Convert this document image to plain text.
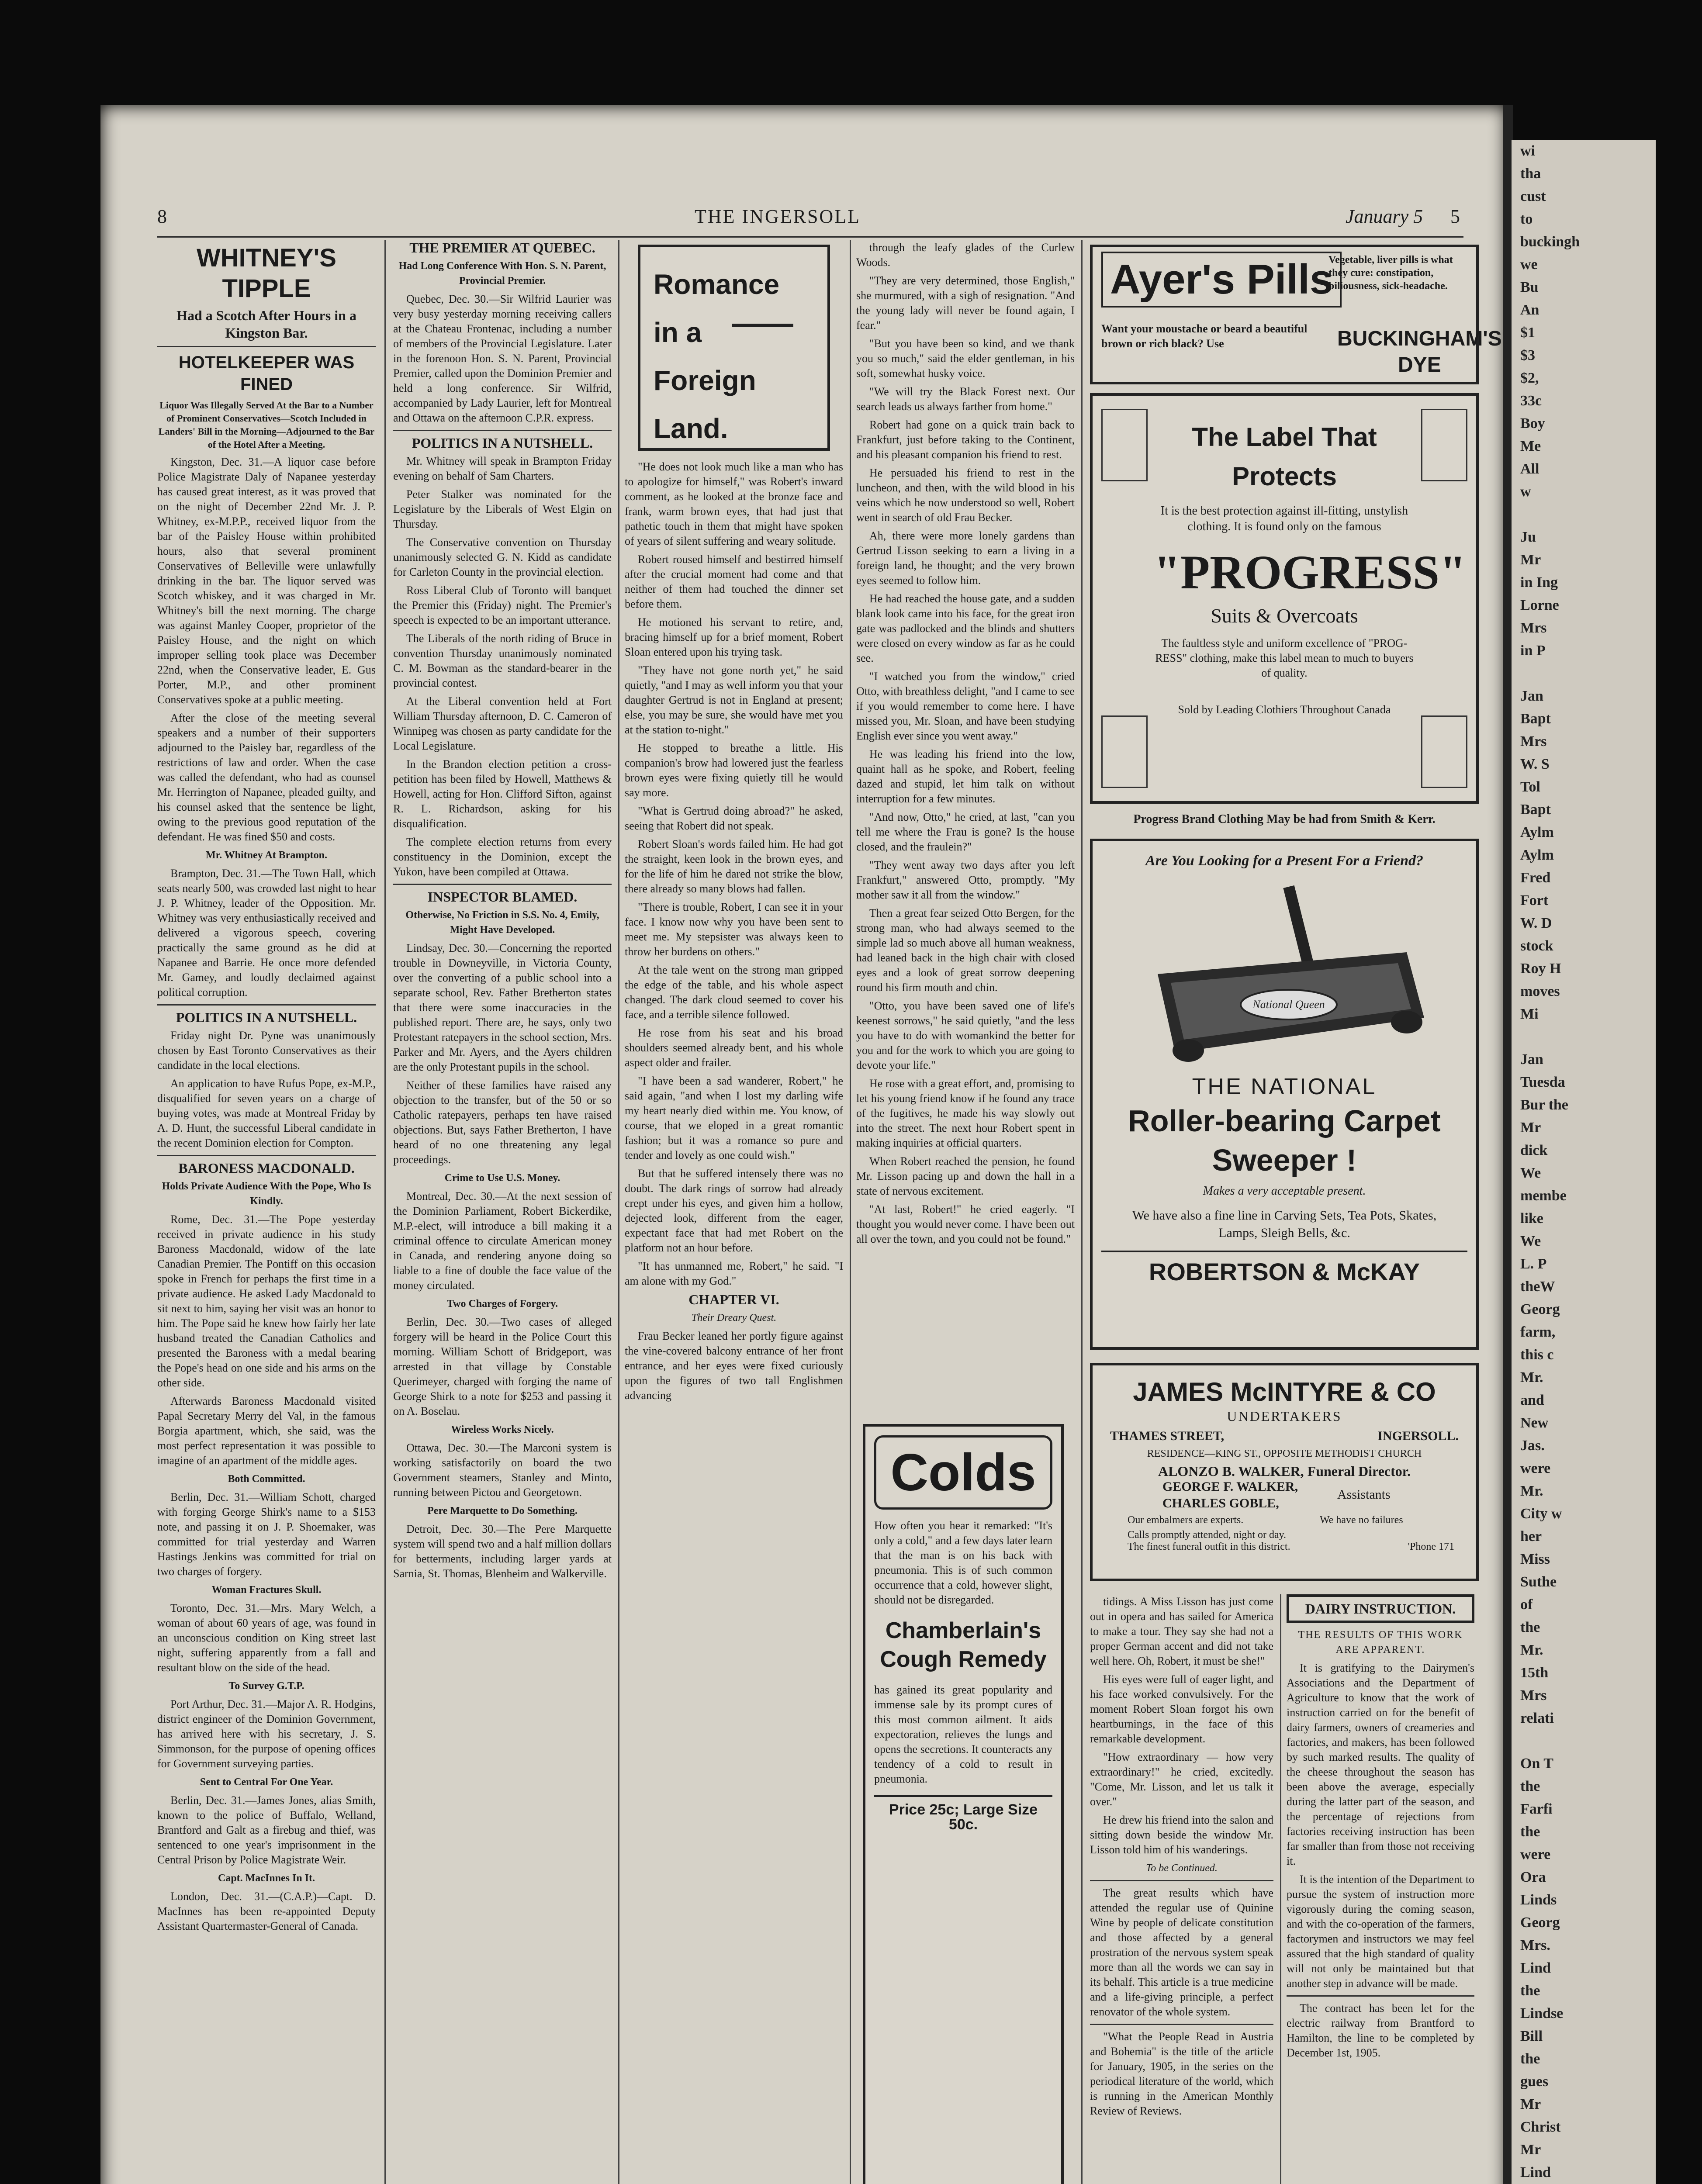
8	THE INGERSOLL	January 5 5

WHITNEY'S TIPPLE

Had a Scotch After Hours in a Kingston Bar.

HOTELKEEPER WAS FINED

Liquor Was Illegally Served At the Bar to a Number of Prominent Conservatives—Scotch Included in Landers' Bill in the Morning—Adjourned to the Bar of the Hotel After a Meeting.

Kingston, Dec. 31.—A liquor case before Police Magistrate Daly of Napanee yesterday has caused great interest, as it was proved that on the night of December 22nd Mr. J. P. Whitney, ex-M.P.P., received liquor from the bar of the Paisley House within prohibited hours, also that several prominent Conservatives of Belleville were unlawfully drinking in the bar. The liquor served was Scotch whiskey, and it was charged in Mr. Whitney's bill the next morning. The charge was against Manley Cooper, proprietor of the Paisley House, and the night on which improper selling took place was December 22nd, when the Conservative leader, E. Gus Porter, M.P., and other prominent Conservatives spoke at a public meeting.

After the close of the meeting several speakers and a number of their supporters adjourned to the Paisley bar, regardless of the restrictions of law and order. When the case was called the defendant, who had as counsel Mr. Herrington of Napanee, pleaded guilty, and his counsel asked that the sentence be light, owing to the previous good reputation of the defendant. He was fined $50 and costs.

Mr. Whitney At Brampton.

Brampton, Dec. 31.—The Town Hall, which seats nearly 500, was crowded last night to hear J. P. Whitney, leader of the Opposition. Mr. Whitney was very enthusiastically received and delivered a vigorous speech, covering practically the same ground as he did at Napanee and Barrie. He once more defended Mr. Gamey, and loudly declaimed against political corruption.

POLITICS IN A NUTSHELL.

Friday night Dr. Pyne was unanimously chosen by East Toronto Conservatives as their candidate in the local elections.

An application to have Rufus Pope, ex-M.P., disqualified for seven years on a charge of buying votes, was made at Montreal Friday by A. D. Hunt, the successful Liberal candidate in the recent Dominion election for Compton.

BARONESS MACDONALD.

Holds Private Audience With the Pope, Who Is Kindly.

Rome, Dec. 31.—The Pope yesterday received in private audience in his study Baroness Macdonald, widow of the late Canadian Premier. The Pontiff on this occasion spoke in French for perhaps the first time in a private audience. He asked Lady Macdonald to sit next to him, saying her visit was an honor to him. The Pope said he knew how fairly her late husband treated the Canadian Catholics and presented the Baroness with a medal bearing the Pope's head on one side and his arms on the other side.

Afterwards Baroness Macdonald visited Papal Secretary Merry del Val, in the famous Borgia apartment, which, she said, was the most perfect representation it was possible to imagine of an apartment of the middle ages.

Both Committed.

Berlin, Dec. 31.—William Schott, charged with forging George Shirk's name to a $153 note, and passing it on J. P. Shoemaker, was committed for trial yesterday and Warren Hastings Jenkins was committed for trial on two charges of forgery.

Woman Fractures Skull.

Toronto, Dec. 31.—Mrs. Mary Welch, a woman of about 60 years of age, was found in an unconscious condition on King street last night, suffering apparently from a fall and resultant blow on the side of the head.

To Survey G.T.P.

Port Arthur, Dec. 31.—Major A. R. Hodgins, district engineer of the Dominion Government, has arrived here with his secretary, J. S. Simmonson, for the purpose of opening offices for Government surveying parties.

Sent to Central For One Year.

Berlin, Dec. 31.—James Jones, alias Smith, known to the police of Buffalo, Welland, Brantford and Galt as a firebug and thief, was sentenced to one year's imprisonment in the Central Prison by Police Magistrate Weir.

Capt. MacInnes In It.

London, Dec. 31.—(C.A.P.)—Capt. D. MacInnes has been re-appointed Deputy Assistant Quartermaster-General of Canada.

THE PREMIER AT QUEBEC.

Had Long Conference With Hon. S. N. Parent, Provincial Premier.

Quebec, Dec. 30.—Sir Wilfrid Laurier was very busy yesterday morning receiving callers at the Chateau Frontenac, including a number of members of the Provincial Legislature. Later in the forenoon Hon. S. N. Parent, Provincial Premier, called upon the Dominion Premier and held a long conference. Sir Wilfrid, accompanied by Lady Laurier, left for Montreal and Ottawa on the afternoon C.P.R. express.

POLITICS IN A NUTSHELL.

Mr. Whitney will speak in Brampton Friday evening on behalf of Sam Charters.

Peter Stalker was nominated for the Legislature by the Liberals of West Elgin on Thursday.

The Conservative convention on Thursday unanimously selected G. N. Kidd as candidate for Carleton County in the provincial election.

Ross Liberal Club of Toronto will banquet the Premier this (Friday) night. The Premier's speech is expected to be an important utterance.

The Liberals of the north riding of Bruce in convention Thursday unanimously nominated C. M. Bowman as the standard-bearer in the provincial contest.

At the Liberal convention held at Fort William Thursday afternoon, D. C. Cameron of Winnipeg was chosen as party candidate for the Local Legislature.

In the Brandon election petition a cross-petition has been filed by Howell, Matthews & Howell, acting for Hon. Clifford Sifton, against R. L. Richardson, asking for his disqualification.

The complete election returns from every constituency in the Dominion, except the Yukon, have been compiled at Ottawa.

INSPECTOR BLAMED.

Otherwise, No Friction in S.S. No. 4, Emily, Might Have Developed.

Lindsay, Dec. 30.—Concerning the reported trouble in Downeyville, in Victoria County, over the converting of a public school into a separate school, Rev. Father Bretherton states that there were some inaccuracies in the published report. There are, he says, only two Protestant ratepayers in the school section, Mrs. Parker and Mr. Ayers, and the Ayers children are the only Protestant pupils in the school.

Neither of these families have raised any objection to the transfer, but of the 50 or so Catholic ratepayers, perhaps ten have raised objections. But, says Father Bretherton, I have heard of no one threatening any legal proceedings.

Crime to Use U.S. Money.

Montreal, Dec. 30.—At the next session of the Dominion Parliament, Robert Bickerdike, M.P.-elect, will introduce a bill making it a criminal offence to circulate American money in Canada, and rendering anyone doing so liable to a fine of double the face value of the money circulated.

Two Charges of Forgery.

Berlin, Dec. 30.—Two cases of alleged forgery will be heard in the Police Court this morning. William Schott of Bridgeport, was arrested in that village by Constable Querimeyer, charged with forging the name of George Shirk to a note for $253 and passing it on A. Boselau.

Wireless Works Nicely.

Ottawa, Dec. 30.—The Marconi system is working satisfactorily on board the two Government steamers, Stanley and Minto, running between Pictou and Georgetown.

Pere Marquette to Do Something.

Detroit, Dec. 30.—The Pere Marquette system will spend two and a half million dollars for betterments, including larger yards at Sarnia, St. Thomas, Blenheim and Walkerville.

Romance
in a
Foreign Land.

"He does not look much like a man who has to apologize for himself," was Robert's inward comment, as he looked at the bronze face and frank, warm brown eyes, that had just that pathetic touch in them that might have spoken of years of silent suffering and weary solitude.

Robert roused himself and bestirred himself after the crucial moment had come and that neither of them had touched the dinner set before them.

He motioned his servant to retire, and, bracing himself up for a brief moment, Robert Sloan entered upon his trying task.

"They have not gone north yet," he said quietly, "and I may as well inform you that your daughter Gertrud is not in England at present; else, you may be sure, she would have met you at the station to-night."

He stopped to breathe a little. His companion's brow had lowered just the fearless brown eyes were fixing quietly till he would say more.

"What is Gertrud doing abroad?" he asked, seeing that Robert did not speak.

Robert Sloan's words failed him. He had got the straight, keen look in the brown eyes, and for the life of him he dared not strike the blow, there already so many blows had fallen.

"There is trouble, Robert, I can see it in your face. I know now why you have been sent to meet me. My stepsister was always keen to throw her burdens on others."

At the tale went on the strong man gripped the edge of the table, and his whole aspect changed. The dark cloud seemed to cover his face, and a terrible silence followed.

He rose from his seat and his broad shoulders seemed already bent, and his whole aspect older and frailer.

"I have been a sad wanderer, Robert," he said again, "and when I lost my darling wife my heart nearly died within me. You know, of course, that we eloped in a great romantic fashion; but it was a romance so pure and tender and lovely as one could wish."

But that he suffered intensely there was no doubt. The dark rings of sorrow had already crept under his eyes, and given him a hollow, dejected look, different from the eager, expectant face that had met Robert on the platform not an hour before.

"It has unmanned me, Robert," he said. "I am alone with my God."

CHAPTER VI.

Their Dreary Quest.

Frau Becker leaned her portly figure against the vine-covered balcony entrance of her front entrance, and her eyes were fixed curiously upon the figures of two tall Englishmen advancing

through the leafy glades of the Curlew Woods.

"They are very determined, those English," she murmured, with a sigh of resignation. "And the young lady will never be found again, I fear."

"But you have been so kind, and we thank you so much," said the elder gentleman, in his soft, somewhat husky voice.

"We will try the Black Forest next. Our search leads us always farther from home."

Robert had gone on a quick train back to Frankfurt, just before taking to the Continent, and his pleasant companion his friend to rest.

He persuaded his friend to rest in the luncheon, and then, with the wild blood in his veins which he now understood so well, Robert went in search of old Frau Becker.

Ah, there were more lonely gardens than Gertrud Lisson seeking to earn a living in a foreign land, he thought; and the very brown eyes seemed to follow him.

He had reached the house gate, and a sudden blank look came into his face, for the great iron gate was padlocked and the blinds and shutters were closed on every window as far as he could see.

"I watched you from the window," cried Otto, with breathless delight, "and I came to see if you would remember to come here. I have missed you, Mr. Sloan, and have been studying English ever since you went away."

He was leading his friend into the low, quaint hall as he spoke, and Robert, feeling dazed and stupid, let him talk on without interruption for a few minutes.

"And now, Otto," he cried, at last, "can you tell me where the Frau is gone? Is the house closed, and the fraulein?"

"They went away two days after you left Frankfurt," answered Otto, promptly. "My mother saw it all from the window."

Then a great fear seized Otto Bergen, for the strong man, who had always seemed to the simple lad so much above all human weakness, had leaned back in the high chair with closed eyes and a look of great sorrow deepening round his firm mouth and chin.

"Otto, you have been saved one of life's keenest sorrows," he said quietly, "and the less you have to do with womankind the better for you and for the work to which you are going to devote your life."

He rose with a great effort, and, promising to let his young friend know if he found any trace of the fugitives, he made his way slowly out into the street. The next hour Robert spent in making inquiries at official quarters.

When Robert reached the pension, he found Mr. Lisson pacing up and down the hall in a state of nervous excitement.

"At last, Robert!" he cried eagerly. "I thought you would never come. I have been out all over the town, and you could not be found."

Colds

How often you hear it remarked: "It's only a cold," and a few days later learn that the man is on his back with pneumonia. This is of such common occurrence that a cold, however slight, should not be disregarded.

Chamberlain's Cough Remedy

has gained its great popularity and immense sale by its prompt cures of this most common ailment. It aids expectoration, relieves the lungs and opens the secretions. It counteracts any tendency of a cold to result in pneumonia.

Price 25c; Large Size 50c.
Ayer's Pills
Vegetable, liver pills is what they cure: constipation, biliousness, sick-headache.
Want your moustache or beard a beautiful brown or rich black? Use	BUCKINGHAM'S DYE
The Label That Protects
It is the best protection against ill-fitting, unstylish clothing. It is found only on the famous
"PROGRESS"
Suits & Overcoats
The faultless style and uniform excellence of "PROG-RESS" clothing, make this label mean to much to buyers of quality.
Sold by Leading Clothiers Throughout Canada
Progress Brand Clothing May be had from Smith & Kerr.
Are You Looking for a Present For a Friend?
National Queen
THE NATIONAL
Roller-bearing Carpet Sweeper !
Makes a very acceptable present.
We have also a fine line in Carving Sets, Tea Pots, Skates, Lamps, Sleigh Bells, &c.
ROBERTSON & McKAY
JAMES McINTYRE & CO
UNDERTAKERS
THAMES STREET,	INGERSOLL.
RESIDENCE—KING ST., OPPOSITE METHODIST CHURCH
ALONZO B. WALKER, Funeral Director.
GEORGE F. WALKER,
CHARLES GOBLE,
Assistants
Our embalmers are experts.	We have no failures
Calls promptly attended, night or day.
The finest funeral outfit in this district.	'Phone 171

tidings. A Miss Lisson has just come out in opera and has sailed for America to make a tour. They say she had not a proper German accent and did not take well here. Oh, Robert, it must be she!"

His eyes were full of eager light, and his face worked convulsively. For the moment Robert Sloan forgot his own heartburnings, in the face of this remarkable development.

"How extraordinary — how very extraordinary!" he cried, excitedly. "Come, Mr. Lisson, and let us talk it over."

He drew his friend into the salon and sitting down beside the window Mr. Lisson told him of his wanderings.

To be Continued.

The great results which have attended the regular use of Quinine Wine by people of delicate constitution and those affected by a general prostration of the nervous system speak more than all the words we can say in its behalf. This article is a true medicine and a life-giving principle, a perfect renovator of the whole system.

"What the People Read in Austria and Bohemia" is the title of the article for January, 1905, in the series on the periodical literature of the world, which is running in the American Monthly Review of Reviews.

DAIRY INSTRUCTION.

THE RESULTS OF THIS WORK ARE APPARENT.

It is gratifying to the Dairymen's Associations and the Department of Agriculture to know that the work of instruction carried on for the benefit of dairy farmers, owners of creameries and factories, and makers, has been followed by such marked results. The quality of the cheese throughout the season has been above the average, especially during the latter part of the season, and the percentage of rejections from factories receiving instruction has been far smaller than from those not receiving it.

It is the intention of the Department to pursue the system of instruction more vigorously during the coming season, and with the co-operation of the farmers, factorymen and instructors we may feel assured that the high standard of quality will not only be maintained but that another step in advance will be made.

The contract has been let for the electric railway from Brantford to Hamilton, the line to be completed by December 1st, 1905.

wi
tha
cust
to
buckingh
we
Bu
An
$1
$3
$2,
33c
Boy
Me
All
w

Ju
Mr
in Ing
Lorne
Mrs
in P

Jan
Bapt
Mrs
W. S
Tol
Bapt
Aylm
Aylm
Fred
Fort
W. D
stock
Roy H
moves
Mi

Jan
Tuesda
Bur the
Mr
dick
We
membe
like
We
L. P
theW
Georg
farm,
this c
Mr.
and
New
Jas.
were
Mr.
City w
her
Miss
Suthe
of
the
Mr.
15th
Mrs
relati

On T
the
Farfi
the
were
Ora
Linds
Georg
Mrs.
Lind
the
Lindse
Bill
the
gues
Mr
Christ
Mr
Lind
